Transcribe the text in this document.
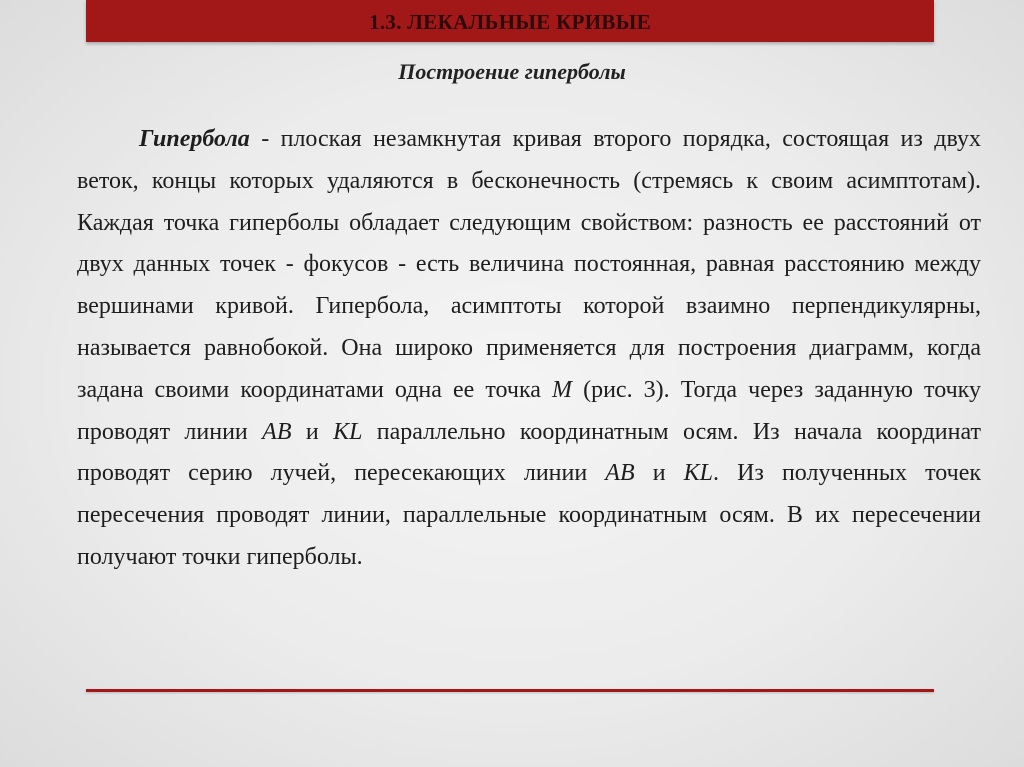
1.3. ЛЕКАЛЬНЫЕ КРИВЫЕ
Построение гиперболы

Гипербола - плоская незамкнутая кривая второго порядка, состоящая из двух веток, концы которых удаляются в бесконечность (стремясь к своим асимптотам). Каждая точка гиперболы обладает следующим свойством: разность ее расстояний от двух данных точек - фокусов - есть величина постоянная, равная расстоянию между вершинами кривой. Гипербола, асимптоты которой взаимно перпендикулярны, называется равнобокой. Она широко применяется для построения диаграмм, когда задана своими координатами одна ее точка M (рис. 3). Тогда через заданную точку проводят линии AB и KL параллельно координатным осям. Из начала координат проводят серию лучей, пересекающих линии AB и KL. Из полученных точек пересечения проводят линии, параллельные координатным осям. В их пересечении получают точки гиперболы.
